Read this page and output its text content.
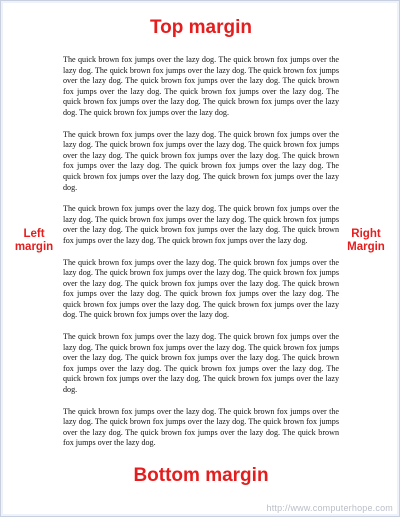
Top margin
Left
margin
Right
Margin

The quick brown fox jumps over the lazy dog. The quick brown fox jumps over the lazy dog. The quick brown fox jumps over the lazy dog. The quick brown fox jumps over the lazy dog. The quick brown fox jumps over the lazy dog. The quick brown fox jumps over the lazy dog. The quick brown fox jumps over the lazy dog. The quick brown fox jumps over the lazy dog. The quick brown fox jumps over the lazy dog. The quick brown fox jumps over the lazy dog.

The quick brown fox jumps over the lazy dog. The quick brown fox jumps over the lazy dog. The quick brown fox jumps over the lazy dog. The quick brown fox jumps over the lazy dog. The quick brown fox jumps over the lazy dog. The quick brown fox jumps over the lazy dog. The quick brown fox jumps over the lazy dog. The quick brown fox jumps over the lazy dog. The quick brown fox jumps over the lazy dog.

The quick brown fox jumps over the lazy dog. The quick brown fox jumps over the lazy dog. The quick brown fox jumps over the lazy dog. The quick brown fox jumps over the lazy dog. The quick brown fox jumps over the lazy dog. The quick brown fox jumps over the lazy dog. The quick brown fox jumps over the lazy dog.

The quick brown fox jumps over the lazy dog. The quick brown fox jumps over the lazy dog. The quick brown fox jumps over the lazy dog. The quick brown fox jumps over the lazy dog. The quick brown fox jumps over the lazy dog. The quick brown fox jumps over the lazy dog. The quick brown fox jumps over the lazy dog. The quick brown fox jumps over the lazy dog. The quick brown fox jumps over the lazy dog. The quick brown fox jumps over the lazy dog.

The quick brown fox jumps over the lazy dog. The quick brown fox jumps over the lazy dog. The quick brown fox jumps over the lazy dog. The quick brown fox jumps over the lazy dog. The quick brown fox jumps over the lazy dog. The quick brown fox jumps over the lazy dog. The quick brown fox jumps over the lazy dog. The quick brown fox jumps over the lazy dog. The quick brown fox jumps over the lazy dog.

The quick brown fox jumps over the lazy dog. The quick brown fox jumps over the lazy dog. The quick brown fox jumps over the lazy dog. The quick brown fox jumps over the lazy dog. The quick brown fox jumps over the lazy dog. The quick brown fox jumps over the lazy dog.

Bottom margin
http://www.computerhope.com
